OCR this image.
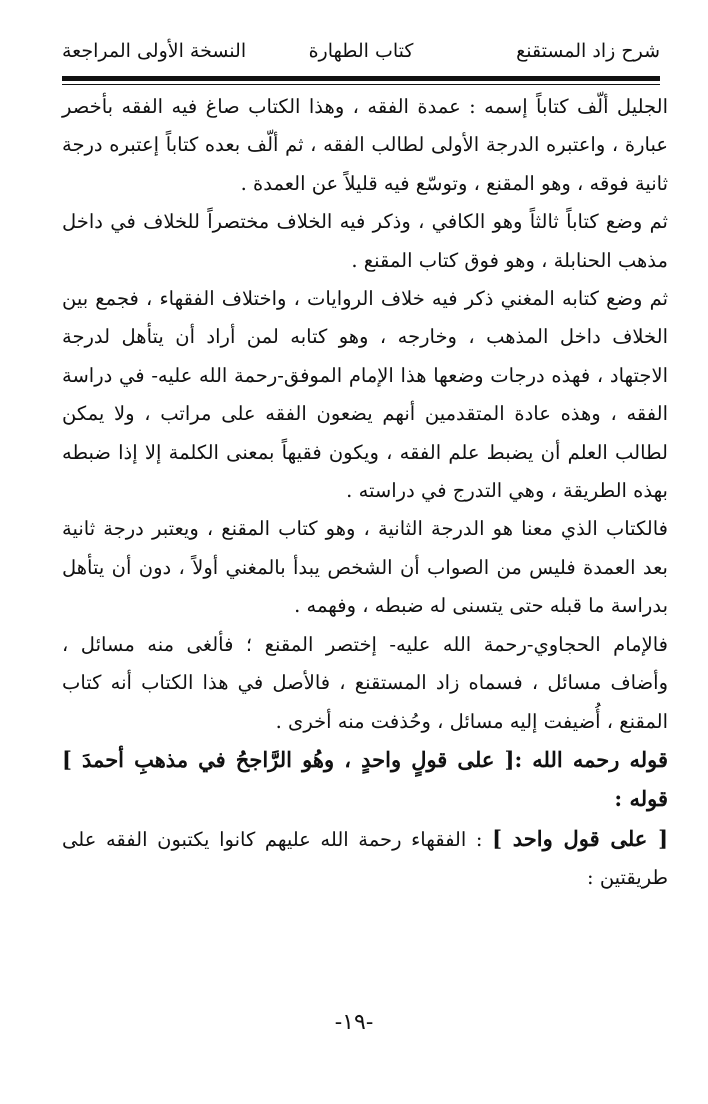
شرح زاد المستقنع
كتاب الطهارة
النسخة الأولى المراجعة

الجليل ألّف كتاباً إسمه : عمدة الفقه ، وهذا الكتاب صاغ فيه الفقه بأخصر عبارة ، واعتبره الدرجة الأولى لطالب الفقه ، ثم ألّف بعده كتاباً إعتبره درجة ثانية فوقه ، وهو المقنع ، وتوسّع فيه قليلاً عن العمدة .

ثم وضع كتاباً ثالثاً وهو الكافي ، وذكر فيه الخلاف مختصراً للخلاف في داخل مذهب الحنابلة ، وهو فوق كتاب المقنع .

ثم وضع كتابه المغني ذكر فيه خلاف الروايات ، واختلاف الفقهاء ، فجمع بين الخلاف داخل المذهب ، وخارجه ، وهو كتابه لمن أراد أن يتأهل لدرجة الاجتهاد ، فهذه درجات وضعها هذا الإمام الموفق-رحمة الله عليه- في دراسة الفقه ، وهذه عادة المتقدمين أنهم يضعون الفقه على مراتب ، ولا يمكن لطالب العلم أن يضبط علم الفقه ، ويكون فقيهاً بمعنى الكلمة إلا إذا ضبطه بهذه الطريقة ، وهي التدرج في دراسته .

فالكتاب الذي معنا هو الدرجة الثانية ، وهو كتاب المقنع ، ويعتبر درجة ثانية بعد العمدة فليس من الصواب أن الشخص يبدأ بالمغني أولاً ، دون أن يتأهل بدراسة ما قبله حتى يتسنى له ضبطه ، وفهمه .

فالإمام الحجاوي-رحمة الله عليه- إختصر المقنع ؛ فألغى منه مسائل ، وأضاف مسائل ، فسماه زاد المستقنع ، فالأصل في هذا الكتاب أنه كتاب المقنع ، أُضيفت إليه مسائل ، وحُذفت منه أخرى .

قوله رحمه الله :[ على قولٍ واحدٍ ، وهُو الرَّاجحُ في مذهبِ أحمدَ ] قوله :
[ على قول واحد ] : الفقهاء رحمة الله عليهم كانوا يكتبون الفقه على طريقتين :

-١٩-
